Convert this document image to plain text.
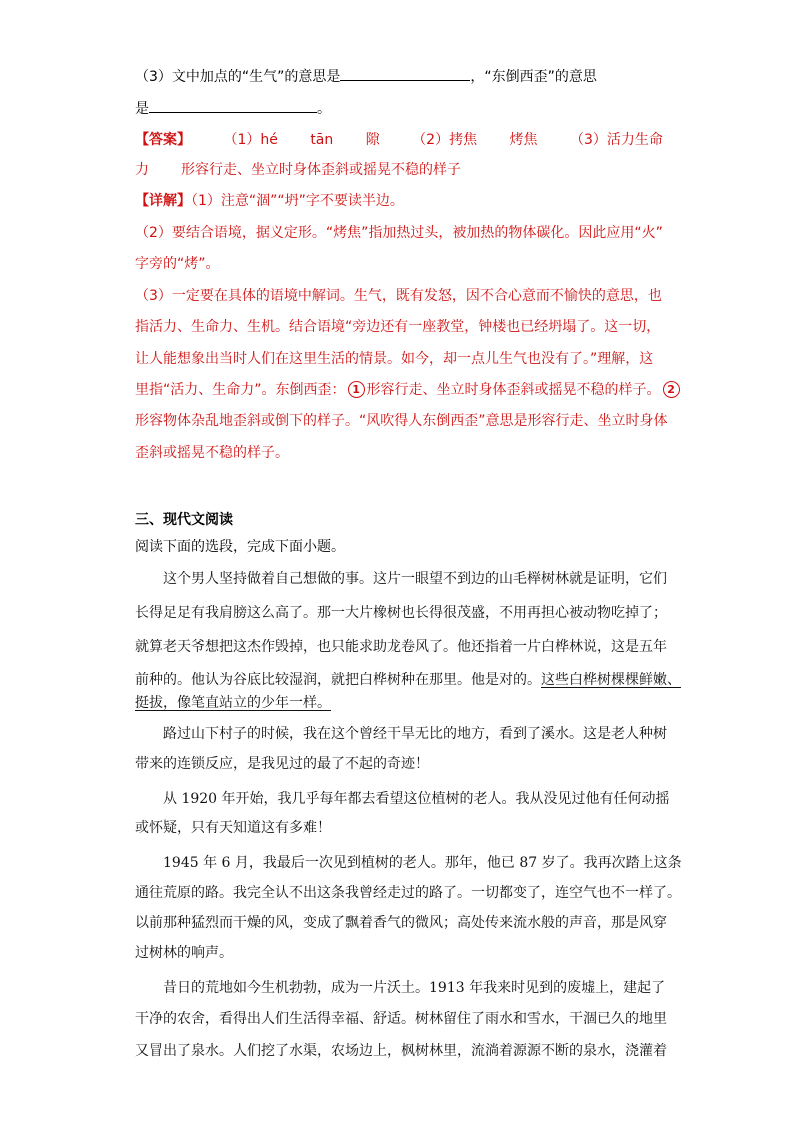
（3）文中加点的“生气”的意思是	，“东倒西歪”的意思
是	。
【答案】 （1）hé tān 隙 （2）拷焦 烤焦 （3）活力生命
力 形容行走、坐立时身体歪斜或摇晃不稳的样子
【详解】（1）注意“涸”“坍”字不要读半边。
（2）要结合语境，据义定形。“烤焦”指加热过头，被加热的物体碳化。因此应用“火”
字旁的“烤”。
（3）一定要在具体的语境中解词。生气，既有发怒，因不合心意而不愉快的意思，也
指活力、生命力、生机。结合语境“旁边还有一座教堂，钟楼也已经坍塌了。这一切，
让人能想象出当时人们在这里生活的情景。如今，却一点儿生气也没有了。”理解，这
里指“活力、生命力”。东倒西歪： 1 形容行走、坐立时身体歪斜或摇晃不稳的样子。 2
形容物体杂乱地歪斜或倒下的样子。“风吹得人东倒西歪”意思是形容行走、坐立时身体
歪斜或摇晃不稳的样子。
三、现代文阅读
阅读下面的选段，完成下面小题。
这个男人坚持做着自己想做的事。这片一眼望不到边的山毛榉树林就是证明，它们
长得足足有我肩膀这么高了。那一大片橡树也长得很茂盛，不用再担心被动物吃掉了；
就算老天爷想把这杰作毁掉，也只能求助龙卷风了。他还指着一片白桦林说，这是五年
前种的。他认为谷底比较湿润，就把白桦树种在那里。他是对的。这些白桦树棵棵鲜嫩、
挺拔，像笔直站立的少年一样。
路过山下村子的时候，我在这个曾经干旱无比的地方，看到了溪水。这是老人种树
带来的连锁反应，是我见过的最了不起的奇迹！
从 1920 年开始，我几乎每年都去看望这位植树的老人。我从没见过他有任何动摇
或怀疑，只有天知道这有多难！
1945 年 6 月，我最后一次见到植树的老人。那年，他已 87 岁了。我再次踏上这条
通往荒原的路。我完全认不出这条我曾经走过的路了。一切都变了，连空气也不一样了。
以前那种猛烈而干燥的风，变成了飘着香气的微风；高处传来流水般的声音，那是风穿
过树林的响声。
昔日的荒地如今生机勃勃，成为一片沃土。1913 年我来时见到的废墟上，建起了
干净的农舍，看得出人们生活得幸福、舒适。树林留住了雨水和雪水，干涸已久的地里
又冒出了泉水。人们挖了水渠，农场边上，枫树林里，流淌着源源不断的泉水，浇灌着
